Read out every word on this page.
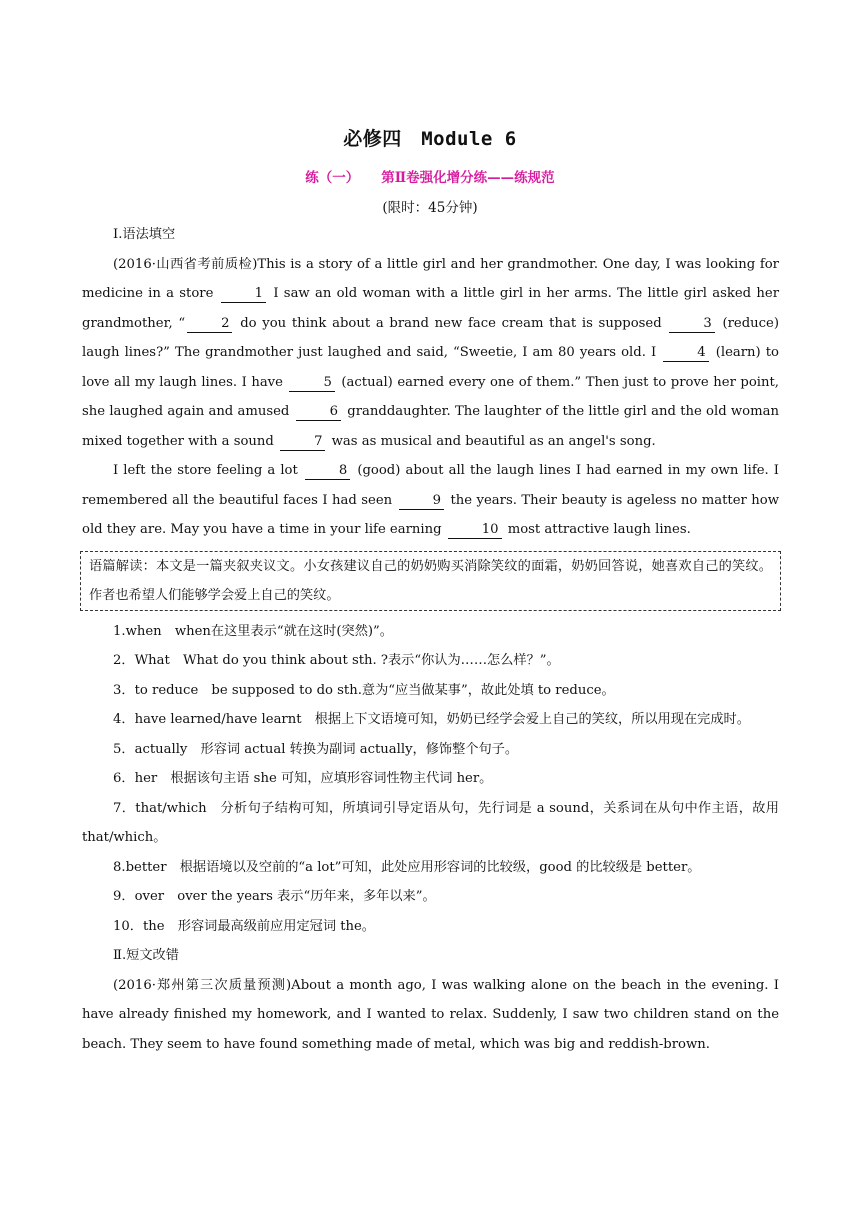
必修四　Module 6
练（一） 第Ⅱ卷强化增分练——练规范
(限时：45分钟)

Ⅰ.语法填空

(2016·山西省考前质检)This is a story of a little girl and her grandmother. One day, I was looking for medicine in a store	1 I saw an old woman with a little girl in her arms. The little girl asked her grandmother, “	2 do you think about a brand new face cream that is supposed	3 (reduce) laugh lines?” The grandmother just laughed and said, “Sweetie, I am 80 years old. I	4 (learn) to love all my laugh lines. I have	5 (actual) earned every one of them.” Then just to prove her point, she laughed again and amused	6 granddaughter. The laughter of the little girl and the old woman mixed together with a sound	7 was as musical and beautiful as an angel's song.

I left the store feeling a lot	8 (good) about all the laugh lines I had earned in my own life. I remembered all the beautiful faces I had seen	9 the years. Their beauty is ageless no matter how old they are. May you have a time in your life earning	10 most attractive laugh lines.

语篇解读：本文是一篇夹叙夹议文。小女孩建议自己的奶奶购买消除笑纹的面霜，奶奶回答说，她喜欢自己的笑纹。作者也希望人们能够学会爱上自己的笑纹。

1.when　when在这里表示“就在这时(突然)”。

2．What　What do you think about sth. ?表示“你认为……怎么样？”。

3．to reduce　be supposed to do sth.意为“应当做某事”，故此处填 to reduce。

4．have learned/have learnt　根据上下文语境可知，奶奶已经学会爱上自己的笑纹，所以用现在完成时。

5．actually　形容词 actual 转换为副词 actually，修饰整个句子。

6．her　根据该句主语 she 可知，应填形容词性物主代词 her。

7．that/which　分析句子结构可知，所填词引导定语从句，先行词是 a sound，关系词在从句中作主语，故用 that/which。

8.better　根据语境以及空前的“a lot”可知，此处应用形容词的比较级，good 的比较级是 better。

9．over　over the years 表示“历年来，多年以来”。

10．the　形容词最高级前应用定冠词 the。

Ⅱ.短文改错

(2016·郑州第三次质量预测)About a month ago, I was walking alone on the beach in the evening. I have already finished my homework, and I wanted to relax. Suddenly, I saw two children stand on the beach. They seem to have found something made of metal, which was big and reddish-brown.
